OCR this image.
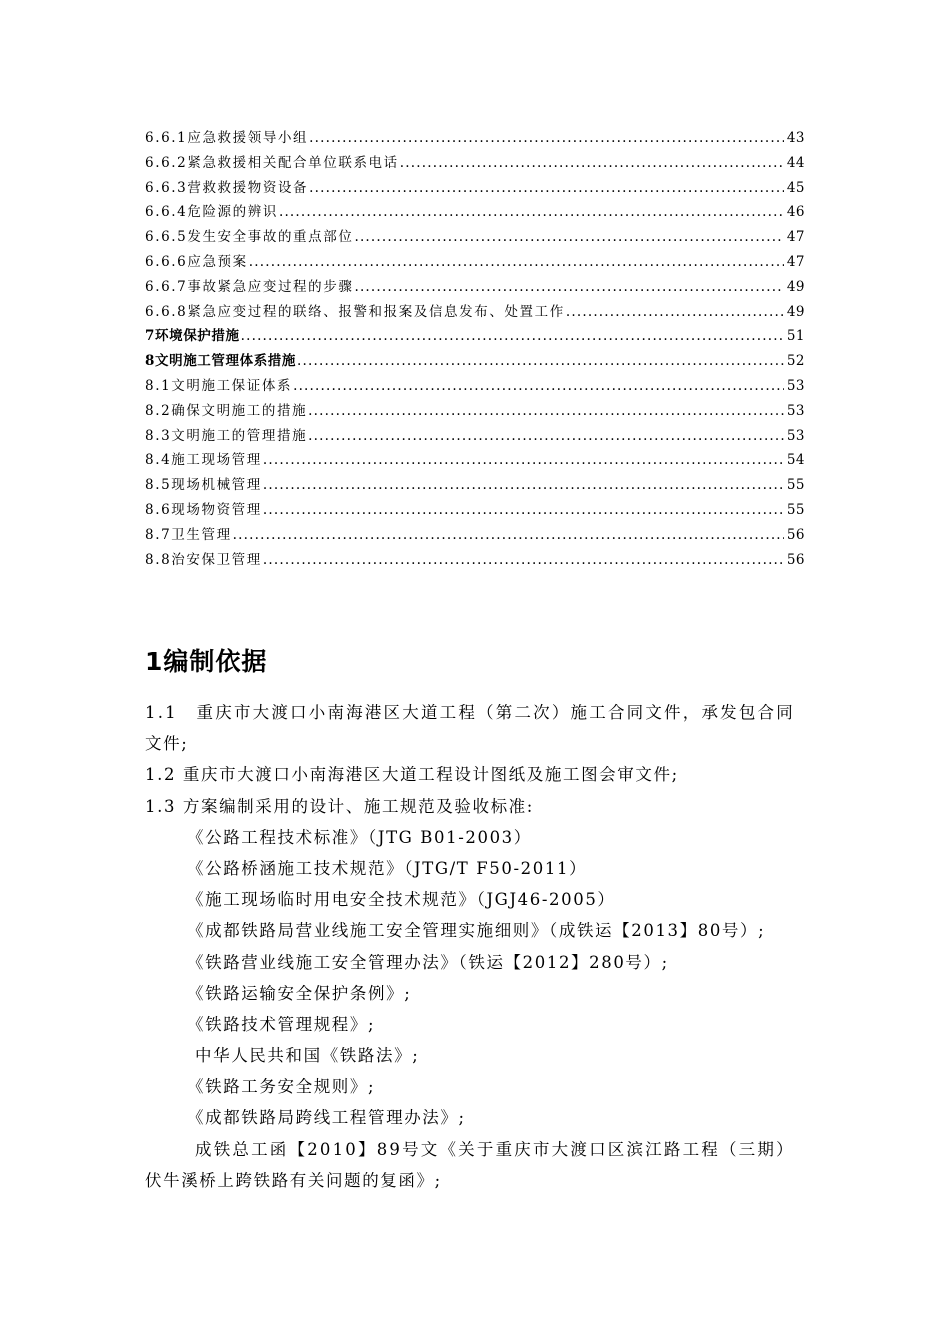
6.6.1应急救援领导小组 .....	43
6.6.2紧急救援相关配合单位联系电话 .....	44
6.6.3营救救援物资设备 .....	45
6.6.4危险源的辨识 .....	46
6.6.5发生安全事故的重点部位 .....	47
6.6.6应急预案 .....	47
6.6.7事故紧急应变过程的步骤 .....	49
6.6.8紧急应变过程的联络、报警和报案及信息发布、处置工作 .....	49
7环境保护措施 .....	51
8文明施工管理体系措施 .....	52
8.1文明施工保证体系 .....	53
8.2确保文明施工的措施 .....	53
8.3文明施工的管理措施 .....	53
8.4施工现场管理 .....	54
8.5现场机械管理 .....	55
8.6现场物资管理 .....	55
8.7卫生管理 .....	56
8.8治安保卫管理 .....	56
1编制依据
1.1　重庆市大渡口小南海港区大道工程（第二次）施工合同文件，承发包合同
文件;
1.2 重庆市大渡口小南海港区大道工程设计图纸及施工图会审文件;
1.3 方案编制采用的设计、施工规范及验收标准:
《公路工程技术标准》（JTG B01-2003）
《公路桥涵施工技术规范》（JTG/T F50-2011）
《施工现场临时用电安全技术规范》（JGJ46-2005）
《成都铁路局营业线施工安全管理实施细则》（成铁运【2013】80号）;
《铁路营业线施工安全管理办法》（铁运【2012】280号）;
《铁路运输安全保护条例》;
《铁路技术管理规程》;
中华人民共和国《铁路法》;
《铁路工务安全规则》;
《成都铁路局跨线工程管理办法》;
成铁总工函【2010】89号文《关于重庆市大渡口区滨江路工程（三期）
伏牛溪桥上跨铁路有关问题的复函》;
